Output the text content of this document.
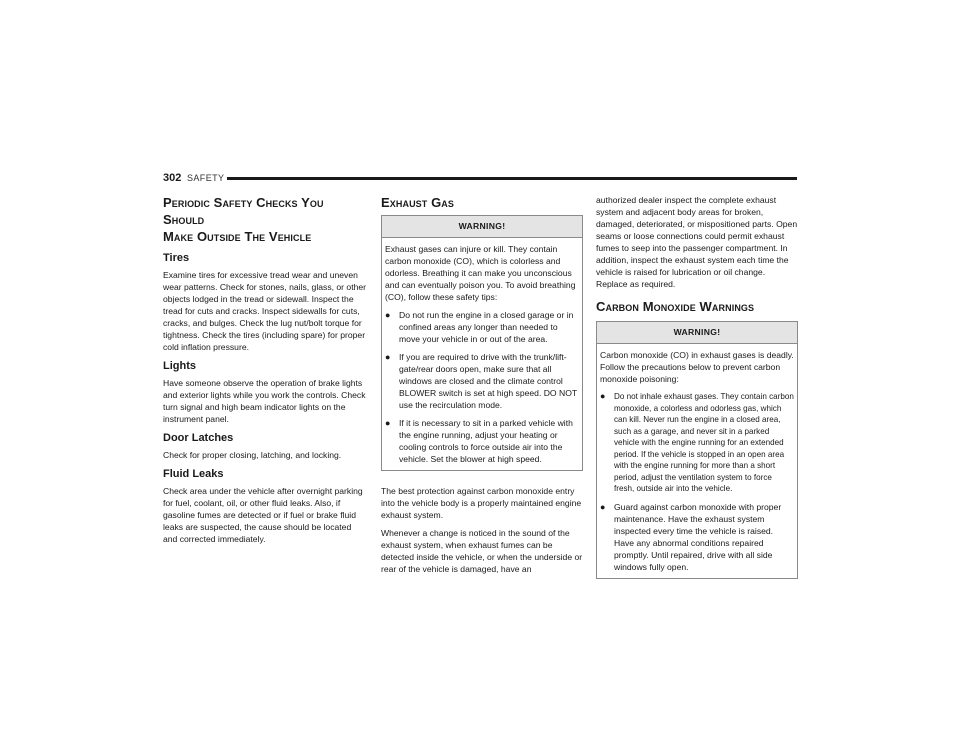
302 SAFETY
Periodic Safety Checks You Should
Make Outside The Vehicle
Tires

Examine tires for excessive tread wear and uneven wear patterns. Check for stones, nails, glass, or other objects lodged in the tread or sidewall. Inspect the tread for cuts and cracks. Inspect sidewalls for cuts, cracks, and bulges. Check the lug nut/bolt torque for tightness. Check the tires (including spare) for proper cold inflation pressure.

Lights

Have someone observe the operation of brake lights and exterior lights while you work the controls. Check turn signal and high beam indicator lights on the instrument panel.

Door Latches

Check for proper closing, latching, and locking.

Fluid Leaks

Check area under the vehicle after overnight parking for fuel, coolant, oil, or other fluid leaks. Also, if gasoline fumes are detected or if fuel or brake fluid leaks are suspected, the cause should be located and corrected immediately.

Exhaust Gas
WARNING!

Exhaust gases can injure or kill. They contain carbon monoxide (CO), which is colorless and odorless. Breathing it can make you unconscious and can eventually poison you. To avoid breathing (CO), follow these safety tips:

● Do not run the engine in a closed garage or in confined areas any longer than needed to move your vehicle in or out of the area.
● If you are required to drive with the trunk/lift-gate/rear doors open, make sure that all windows are closed and the climate control BLOWER switch is set at high speed. DO NOT use the recirculation mode.
● If it is necessary to sit in a parked vehicle with the engine running, adjust your heating or cooling controls to force outside air into the vehicle. Set the blower at high speed.

The best protection against carbon monoxide entry into the vehicle body is a properly maintained engine exhaust system.

Whenever a change is noticed in the sound of the exhaust system, when exhaust fumes can be detected inside the vehicle, or when the underside or rear of the vehicle is damaged, have an

authorized dealer inspect the complete exhaust system and adjacent body areas for broken, damaged, deteriorated, or mispositioned parts. Open seams or loose connections could permit exhaust fumes to seep into the passenger compartment. In addition, inspect the exhaust system each time the vehicle is raised for lubrication or oil change. Replace as required.

Carbon Monoxide Warnings
WARNING!

Carbon monoxide (CO) in exhaust gases is deadly. Follow the precautions below to prevent carbon monoxide poisoning:

● Do not inhale exhaust gases. They contain carbon monoxide, a colorless and odorless gas, which can kill. Never run the engine in a closed area, such as a garage, and never sit in a parked vehicle with the engine running for an extended period. If the vehicle is stopped in an open area with the engine running for more than a short period, adjust the ventilation system to force fresh, outside air into the vehicle.
● Guard against carbon monoxide with proper maintenance. Have the exhaust system inspected every time the vehicle is raised. Have any abnormal conditions repaired promptly. Until repaired, drive with all side windows fully open.
